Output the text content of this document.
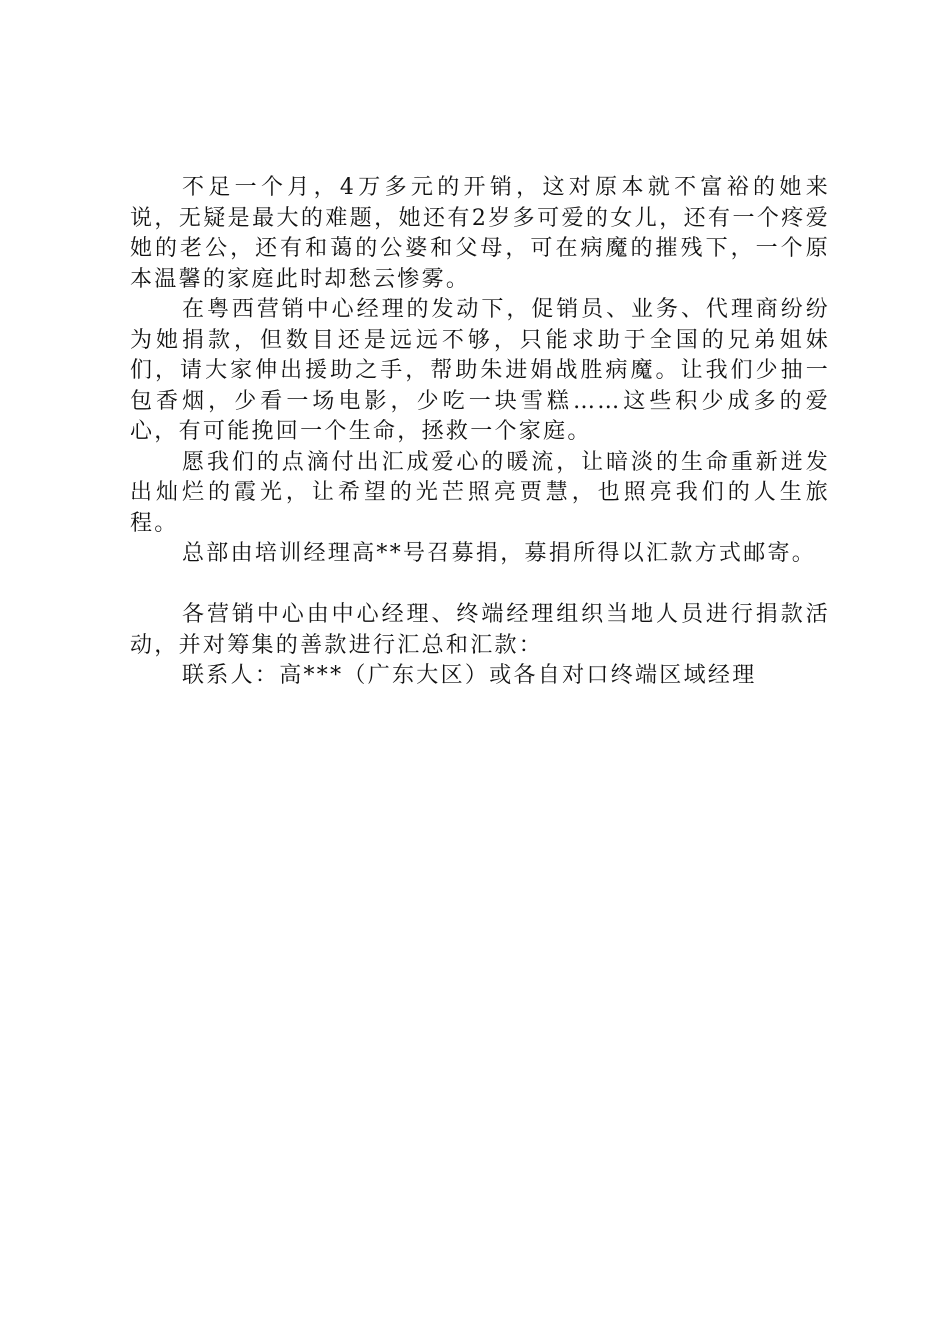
不足一个月，4万多元的开销，这对原本就不富裕的她来说，无疑是最大的难题，她还有2岁多可爱的女儿，还有一个疼爱她的老公，还有和蔼的公婆和父母，可在病魔的摧残下，一个原本温馨的家庭此时却愁云惨雾。

在粤西营销中心经理的发动下，促销员、业务、代理商纷纷为她捐款，但数目还是远远不够，只能求助于全国的兄弟姐妹们，请大家伸出援助之手，帮助朱进娟战胜病魔。让我们少抽一包香烟，少看一场电影，少吃一块雪糕……这些积少成多的爱心，有可能挽回一个生命，拯救一个家庭。

愿我们的点滴付出汇成爱心的暖流，让暗淡的生命重新迸发出灿烂的霞光，让希望的光芒照亮贾慧，也照亮我们的人生旅程。

总部由培训经理高**号召募捐，募捐所得以汇款方式邮寄。

各营销中心由中心经理、终端经理组织当地人员进行捐款活动，并对筹集的善款进行汇总和汇款：

联系人：高***（广东大区）或各自对口终端区域经理
